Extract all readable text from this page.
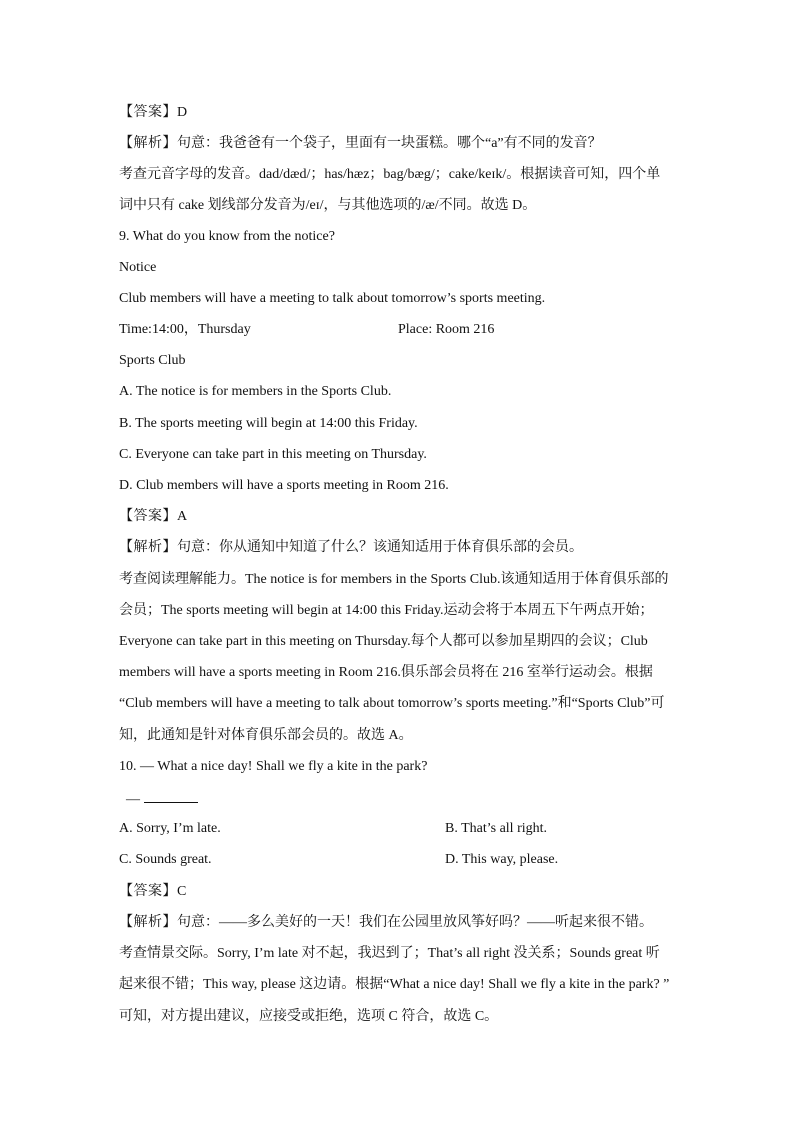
【答案】D
【解析】句意：我爸爸有一个袋子，里面有一块蛋糕。哪个“a”有不同的发音？
考查元音字母的发音。dad/dæd/；has/hæz；bag/bæg/；cake/keɪk/。根据读音可知，四个单
词中只有 cake 划线部分发音为/eɪ/，与其他选项的/æ/不同。故选 D。
9. What do you know from the notice?
Notice
Club members will have a meeting to talk about tomorrow’s sports meeting.
Time:14:00，Thursday	Place: Room 216
Sports Club
A. The notice is for members in the Sports Club.
B. The sports meeting will begin at 14:00 this Friday.
C. Everyone can take part in this meeting on Thursday.
D. Club members will have a sports meeting in Room 216.
【答案】A
【解析】句意：你从通知中知道了什么？该通知适用于体育俱乐部的会员。
考查阅读理解能力。The notice is for members in the Sports Club.该通知适用于体育俱乐部的
会员；The sports meeting will begin at 14:00 this Friday.运动会将于本周五下午两点开始；
Everyone can take part in this meeting on Thursday.每个人都可以参加星期四的会议；Club
members will have a sports meeting in Room 216.俱乐部会员将在 216 室举行运动会。根据
“Club members will have a meeting to talk about tomorrow’s sports meeting.”和“Sports Club”可
知，此通知是针对体育俱乐部会员的。故选 A。
10. — What a nice day! Shall we fly a kite in the park?
—
A. Sorry, I’m late.	B. That’s all right.
C. Sounds great.	D. This way, please.
【答案】C
【解析】句意：——多么美好的一天！我们在公园里放风筝好吗？——听起来很不错。
考查情景交际。Sorry, I’m late 对不起，我迟到了；That’s all right 没关系；Sounds great 听
起来很不错；This way, please 这边请。根据“What a nice day! Shall we fly a kite in the park? ”
可知，对方提出建议，应接受或拒绝，选项 C 符合，故选 C。
